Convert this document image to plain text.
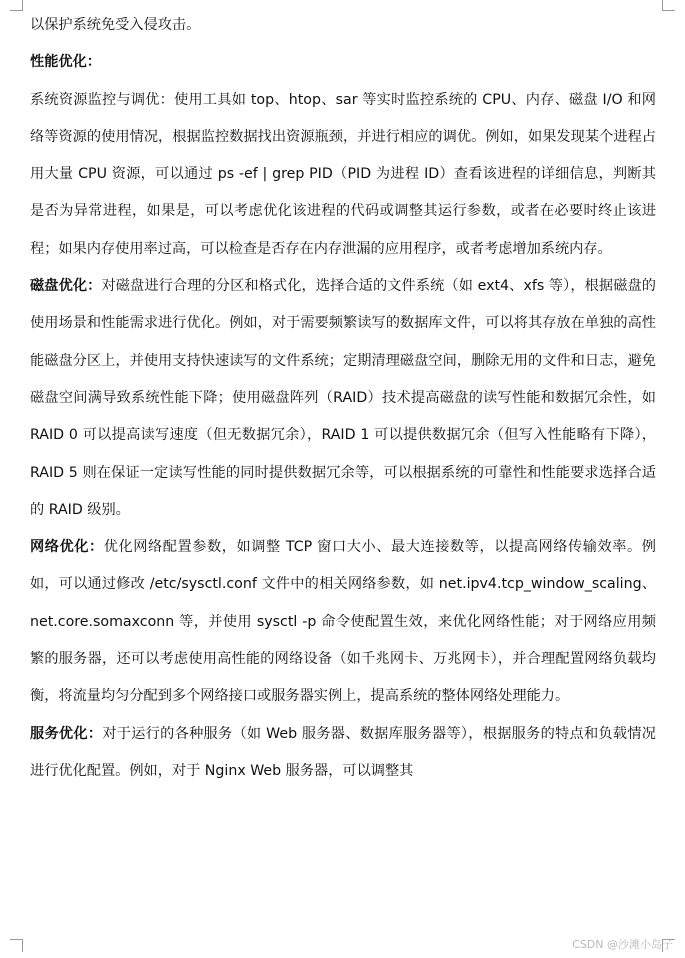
以保护系统免受入侵攻击。

性能优化：

系统资源监控与调优：使用工具如 top、htop、sar 等实时监控系统的 CPU、内存、磁盘 I/O 和网络等资源的使用情况，根据监控数据找出资源瓶颈，并进行相应的调优。例如，如果发现某个进程占用大量 CPU 资源，可以通过 ps -ef | grep PID（PID 为进程 ID）查看该进程的详细信息，判断其是否为异常进程，如果是，可以考虑优化该进程的代码或调整其运行参数，或者在必要时终止该进程；如果内存使用率过高，可以检查是否存在内存泄漏的应用程序，或者考虑增加系统内存。

磁盘优化：对磁盘进行合理的分区和格式化，选择合适的文件系统（如 ext4、xfs 等），根据磁盘的使用场景和性能需求进行优化。例如，对于需要频繁读写的数据库文件，可以将其存放在单独的高性能磁盘分区上，并使用支持快速读写的文件系统；定期清理磁盘空间，删除无用的文件和日志，避免磁盘空间满导致系统性能下降；使用磁盘阵列（RAID）技术提高磁盘的读写性能和数据冗余性，如 RAID 0 可以提高读写速度（但无数据冗余），RAID 1 可以提供数据冗余（但写入性能略有下降），RAID 5 则在保证一定读写性能的同时提供数据冗余等，可以根据系统的可靠性和性能要求选择合适的 RAID 级别。

网络优化：优化网络配置参数，如调整 TCP 窗口大小、最大连接数等，以提高网络传输效率。例如，可以通过修改 /etc/sysctl.conf 文件中的相关网络参数，如 net.ipv4.tcp_window_scaling、net.core.somaxconn 等，并使用 sysctl -p 命令使配置生效，来优化网络性能；对于网络应用频繁的服务器，还可以考虑使用高性能的网络设备（如千兆网卡、万兆网卡），并合理配置网络负载均衡，将流量均匀分配到多个网络接口或服务器实例上，提高系统的整体网络处理能力。

服务优化：对于运行的各种服务（如 Web 服务器、数据库服务器等），根据服务的特点和负载情况进行优化配置。例如，对于 Nginx Web 服务器，可以调整其

CSDN @沙滩小岛子
